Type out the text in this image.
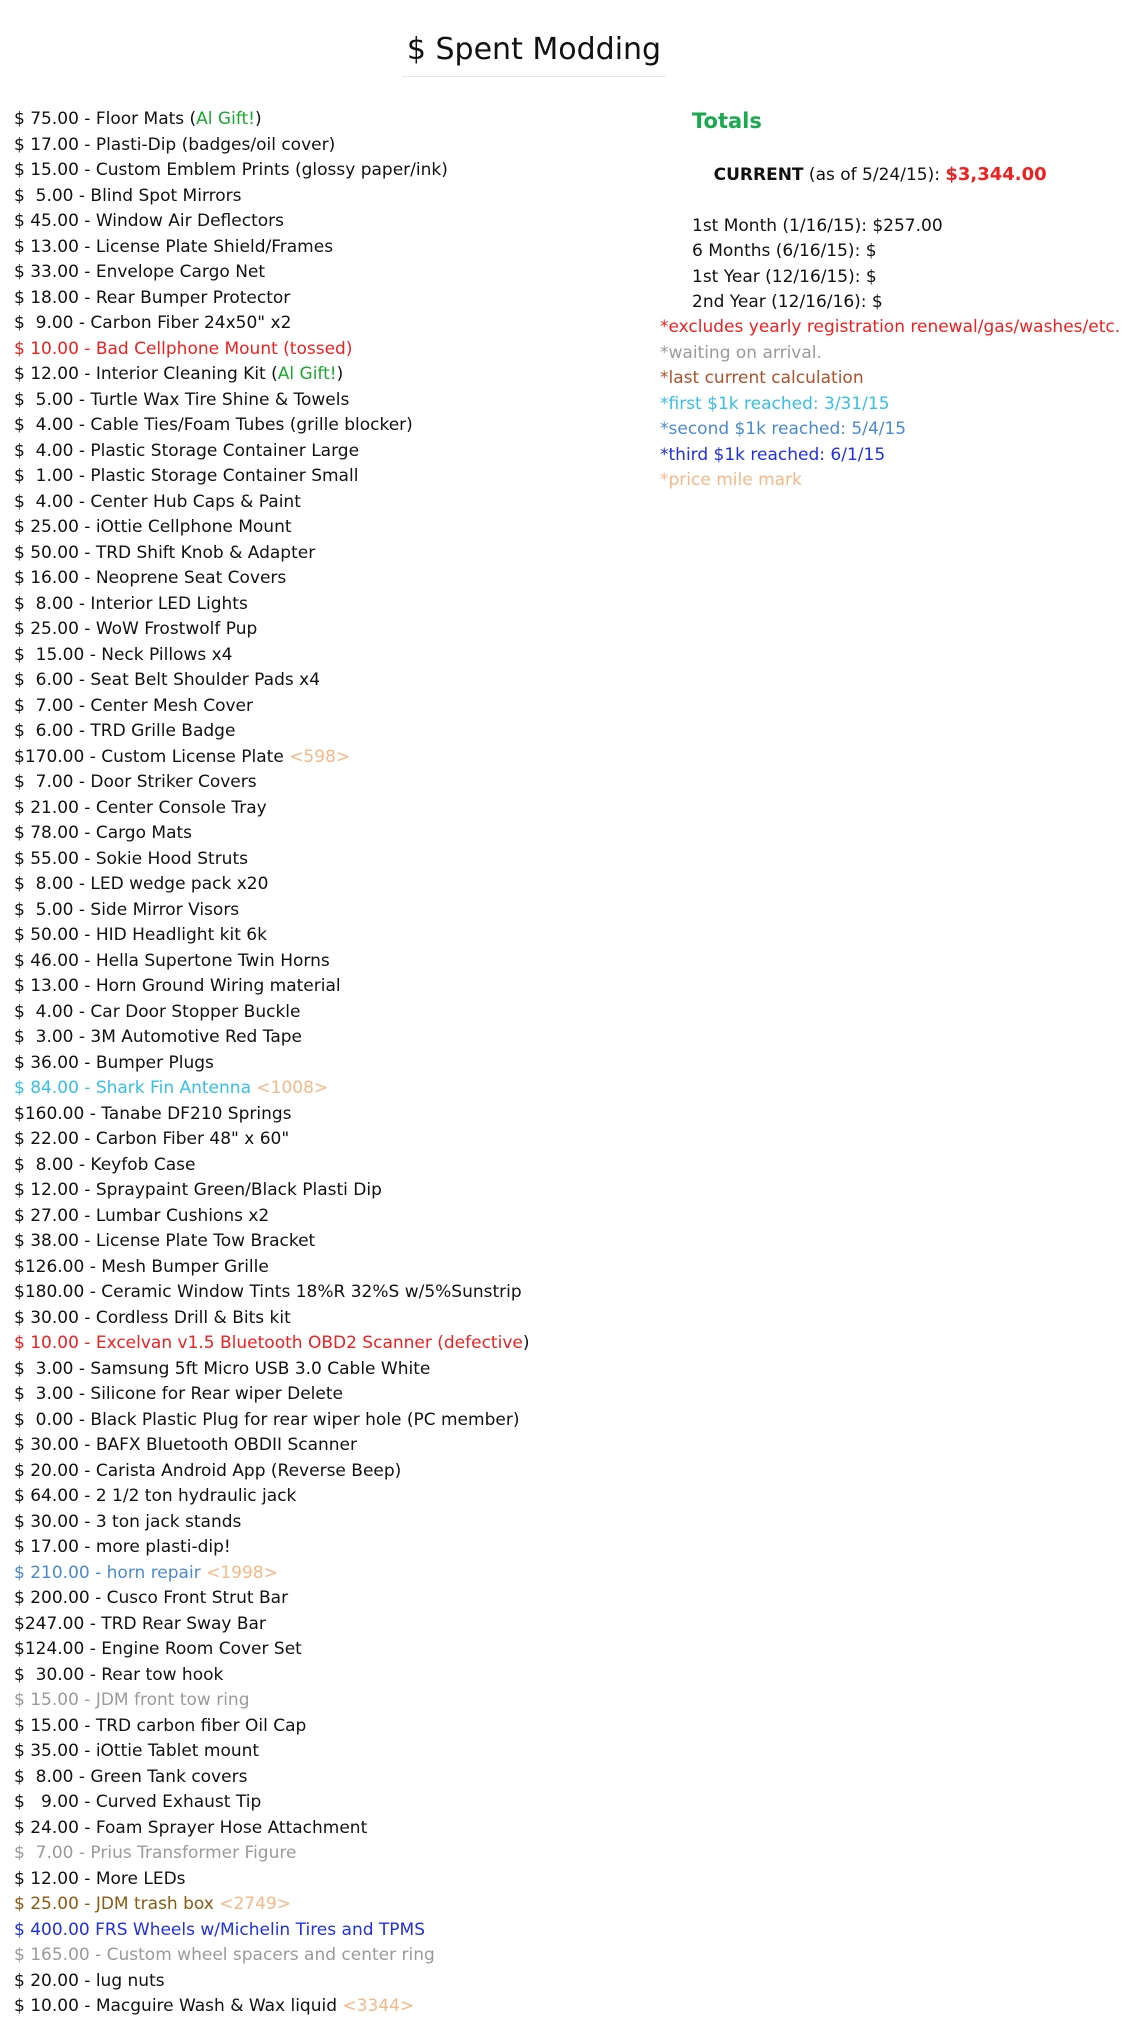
$ Spent Modding
$ 75.00 - Floor Mats (Al Gift!)
$ 17.00 - Plasti-Dip (badges/oil cover)
$ 15.00 - Custom Emblem Prints (glossy paper/ink)
$  5.00 - Blind Spot Mirrors
$ 45.00 - Window Air Deflectors
$ 13.00 - License Plate Shield/Frames
$ 33.00 - Envelope Cargo Net
$ 18.00 - Rear Bumper Protector
$  9.00 - Carbon Fiber 24x50" x2
$ 10.00 - Bad Cellphone Mount (tossed)
$ 12.00 - Interior Cleaning Kit (Al Gift!)
$  5.00 - Turtle Wax Tire Shine & Towels
$  4.00 - Cable Ties/Foam Tubes (grille blocker)
$  4.00 - Plastic Storage Container Large
$  1.00 - Plastic Storage Container Small
$  4.00 - Center Hub Caps & Paint
$ 25.00 - iOttie Cellphone Mount
$ 50.00 - TRD Shift Knob & Adapter
$ 16.00 - Neoprene Seat Covers
$  8.00 - Interior LED Lights
$ 25.00 - WoW Frostwolf Pup
$  15.00 - Neck Pillows x4
$  6.00 - Seat Belt Shoulder Pads x4
$  7.00 - Center Mesh Cover
$  6.00 - TRD Grille Badge
$170.00 - Custom License Plate <598>
$  7.00 - Door Striker Covers
$ 21.00 - Center Console Tray
$ 78.00 - Cargo Mats
$ 55.00 - Sokie Hood Struts
$  8.00 - LED wedge pack x20
$  5.00 - Side Mirror Visors
$ 50.00 - HID Headlight kit 6k
$ 46.00 - Hella Supertone Twin Horns
$ 13.00 - Horn Ground Wiring material
$  4.00 - Car Door Stopper Buckle
$  3.00 - 3M Automotive Red Tape
$ 36.00 - Bumper Plugs
$ 84.00 - Shark Fin Antenna <1008>
$160.00 - Tanabe DF210 Springs
$ 22.00 - Carbon Fiber 48" x 60"
$  8.00 - Keyfob Case
$ 12.00 - Spraypaint Green/Black Plasti Dip
$ 27.00 - Lumbar Cushions x2
$ 38.00 - License Plate Tow Bracket
$126.00 - Mesh Bumper Grille
$180.00 - Ceramic Window Tints 18%R 32%S w/5%Sunstrip
$ 30.00 - Cordless Drill & Bits kit
$ 10.00 - Excelvan v1.5 Bluetooth OBD2 Scanner (defective)
$  3.00 - Samsung 5ft Micro USB 3.0 Cable White
$  3.00 - Silicone for Rear wiper Delete
$  0.00 - Black Plastic Plug for rear wiper hole (PC member)
$ 30.00 - BAFX Bluetooth OBDII Scanner
$ 20.00 - Carista Android App (Reverse Beep)
$ 64.00 - 2 1/2 ton hydraulic jack
$ 30.00 - 3 ton jack stands
$ 17.00 - more plasti-dip!
$ 210.00 - horn repair <1998>
$ 200.00 - Cusco Front Strut Bar
$247.00 - TRD Rear Sway Bar
$124.00 - Engine Room Cover Set
$  30.00 - Rear tow hook
$ 15.00 - JDM front tow ring
$ 15.00 - TRD carbon fiber Oil Cap
$ 35.00 - iOttie Tablet mount
$  8.00 - Green Tank covers
$   9.00 - Curved Exhaust Tip
$ 24.00 - Foam Sprayer Hose Attachment
$  7.00 - Prius Transformer Figure
$ 12.00 - More LEDs
$ 25.00 - JDM trash box <2749>
$ 400.00 FRS Wheels w/Michelin Tires and TPMS
$ 165.00 - Custom wheel spacers and center ring
$ 20.00 - lug nuts
$ 10.00 - Macguire Wash & Wax liquid <3344>
Totals

CURRENT (as of 5/24/15): $3,344.00

1st Month (1/16/15): $257.00
6 Months (6/16/15): $
1st Year (12/16/15): $
2nd Year (12/16/16): $
*excludes yearly registration renewal/gas/washes/etc.
*waiting on arrival.
*last current calculation
*first $1k reached: 3/31/15
*second $1k reached: 5/4/15
*third $1k reached: 6/1/15
*price mile mark
